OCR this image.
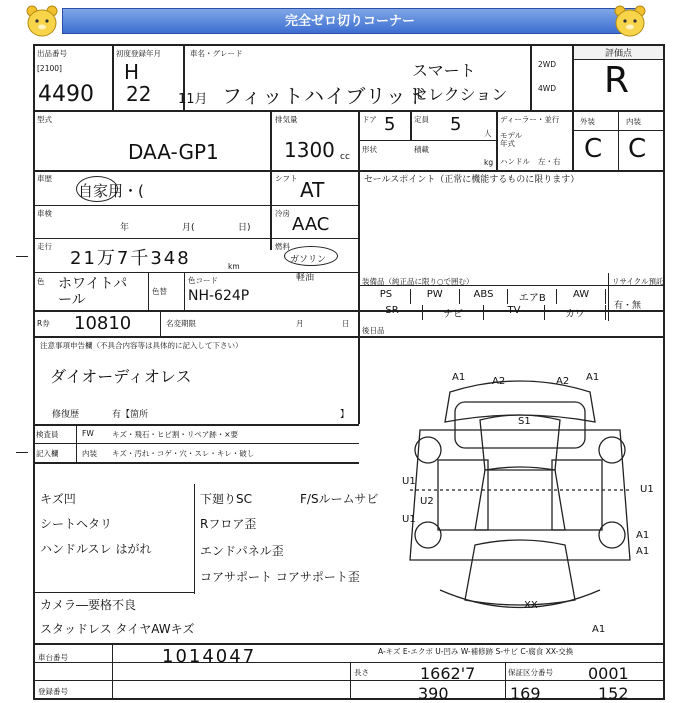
完全ゼロ切りコーナー
出品番号
[2100]
4490
初度登録年月
H
22 11月
車名・グレード
フィットハイブリッド
スマート
セレクション
2WD
4WD
評価点
R
型式
DAA-GP1
排気量
1300 cc
ドア 5 定員 5	人
ディーラー・並行
モデル年式
形状	積載
kg ハンドル 左・右
外装	内装
C C
車歴
自家用・(
シフト AT	セールスポイント（正常に機能するものに限ります）
車検
年	月(	日)
冷房
AAC
走行
21万7千348	km
燃料
ガソリン
軽油
色 ホワイトパール
色替
色コード
NH-624P
装備品（純正品に限り○で囲む）	リサイクル預託
有・無
PS	PW	ABS	エアB	AW
SR	ナビ	TV	カワ
R券 10810	名変期限	月	日
後日品
注意事項申告欄（不具合内容等は具体的に記入して下さい）
ダイオーディオレス
修復歴	有【箇所	】
検査員
記入欄
FW キズ・飛石・ヒビ割・リペア跡・×要
内装 キズ・汚れ・コゲ・穴・スレ・キレ・破し
キズ凹
シートヘタリ
ハンドルスレ はがれ
下廻りSC	F/Sルームサビ
Rフロア歪
エンドパネル歪
コアサポート コアサポート歪
カメラ―要格不良
スタッドレス タイヤAWキズ
A1	A2	A2 A1
S1
U1
U2
U1
U1
A1
A1
XX
A1
A-キズ E-エクボ U-凹み W-補修跡 S-サビ C-腐食 XX-交換
車台番号	1014047
登録番号
長さ	1662'7	保証区分番号 0001
390	169	152
